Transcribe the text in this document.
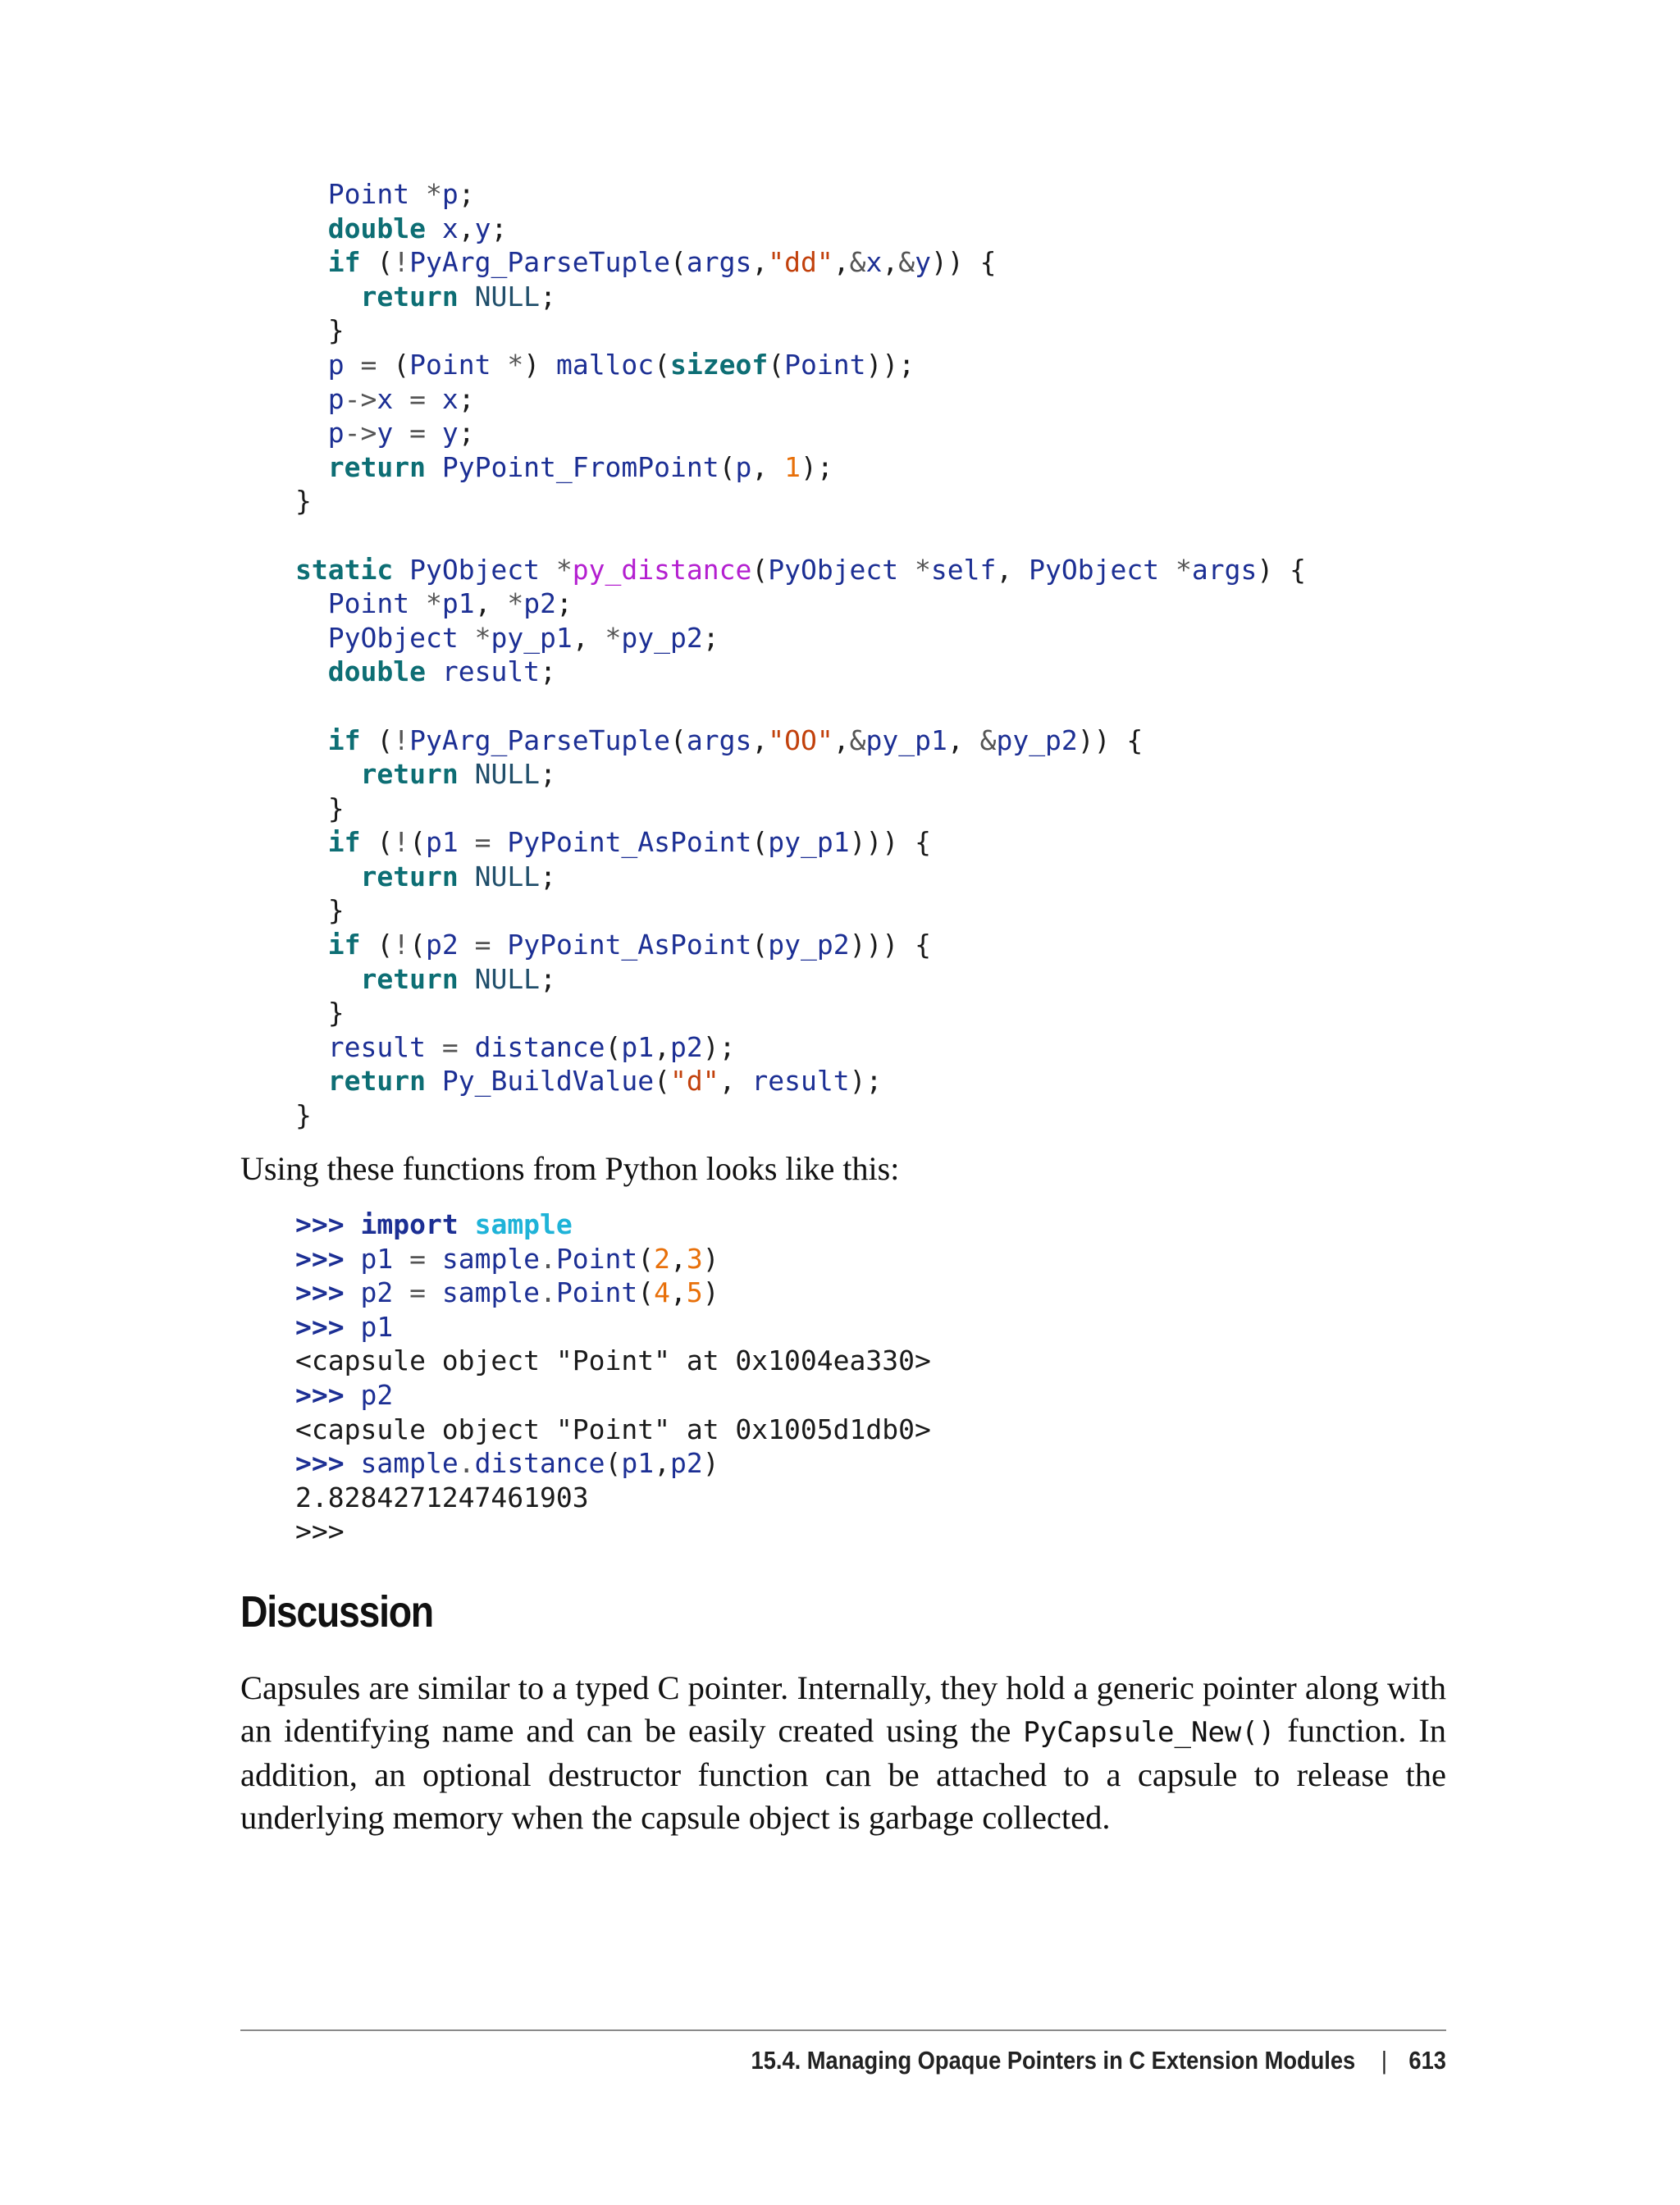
Point *p;
double x,y;
if (!PyArg_ParseTuple(args,"dd",&x,&y)) {
return NULL;
}
p = (Point *) malloc(sizeof(Point));
p->x = x;
p->y = y;
return PyPoint_FromPoint(p, 1);
}

static PyObject *py_distance(PyObject *self, PyObject *args) {
Point *p1, *p2;
PyObject *py_p1, *py_p2;
double result;

if (!PyArg_ParseTuple(args,"OO",&py_p1, &py_p2)) {
return NULL;
}
if (!(p1 = PyPoint_AsPoint(py_p1))) {
return NULL;
}
if (!(p2 = PyPoint_AsPoint(py_p2))) {
return NULL;
}
result = distance(p1,p2);
return Py_BuildValue("d", result);
}
Using these functions from Python looks like this:
>>> import sample
>>> p1 = sample.Point(2,3)
>>> p2 = sample.Point(4,5)
>>> p1
<capsule object "Point" at 0x1004ea330>
>>> p2
<capsule object "Point" at 0x1005d1db0>
>>> sample.distance(p1,p2)
2.8284271247461903
>>>
Discussion

Capsules are similar to a typed C pointer. Internally, they hold a generic pointer along with an identifying name and can be easily created using the PyCapsule_New() function. In addition, an optional destructor function can be attached to a capsule to release the underlying memory when the capsule object is garbage collected.

15.4. Managing Opaque Pointers in C Extension Modules | 613
